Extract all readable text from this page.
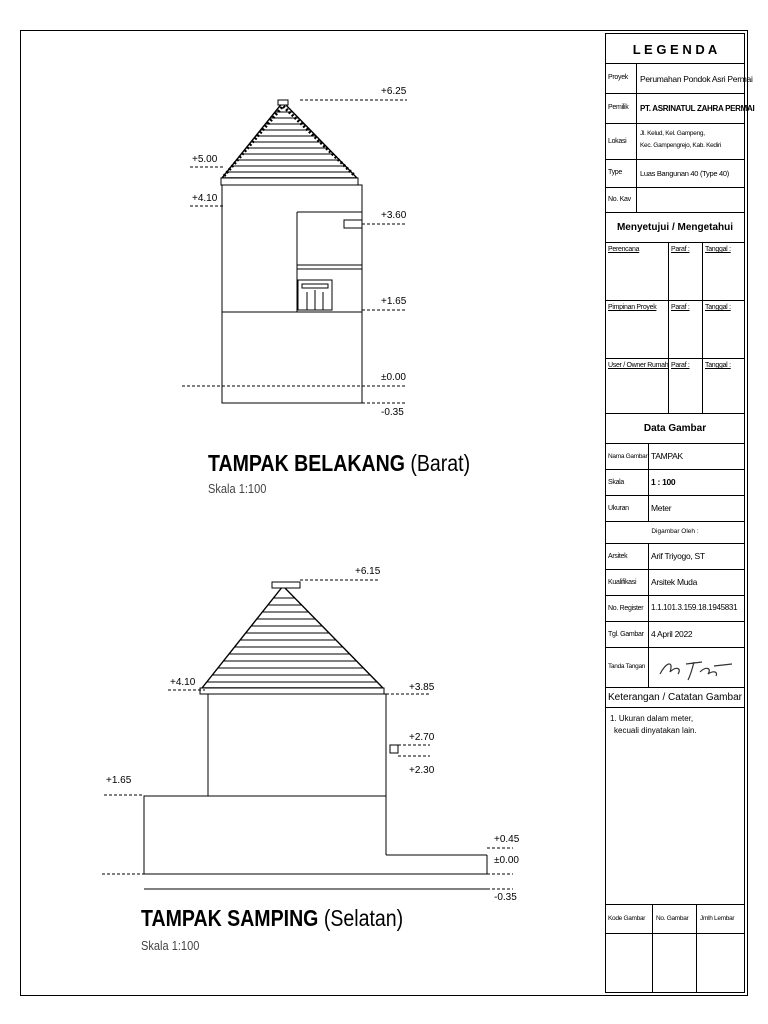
+6.25
+5.00
+4.10
+3.60
+1.65
±0.00
-0.35
+6.15
+4.10	+3.85
+2.70
+2.30
+1.65
+0.45
±0.00
-0.35
TAMPAK BELAKANG (Barat)
Skala 1:100
TAMPAK SAMPING (Selatan)
Skala 1:100
L E G E N D A
Proyek Perumahan Pondok Asri Permai
Pemilik PT. ASRINATUL ZAHRA PERMAI
Lokasi
Jl. Kelud, Kel. Gampeng,
Kec. Gampengrejo, Kab. Kediri
Type Luas Bangunan 40 (Type 40)
No. Kav
Menyetujui / Mengetahui
Perencana	Paraf : Tanggal :
Pimpinan Proyek Paraf : Tanggal :
User / Owner Rumah Paraf : Tanggal :
Data Gambar
Nama Gambar TAMPAK
Skala	1 : 100
Ukuran	Meter
Digambar Oleh :
Arsitek	Arif Triyogo, ST
Kualifikasi Arsitek Muda
No. Register 1.1.101.3.159.18.1945831
Tgl. Gambar 4 April 2022
Tanda Tangan
Keterangan / Catatan Gambar
1. Ukuran dalam meter,
kecuali dinyatakan lain.
Kode Gambar No. Gambar Jmlh Lembar
